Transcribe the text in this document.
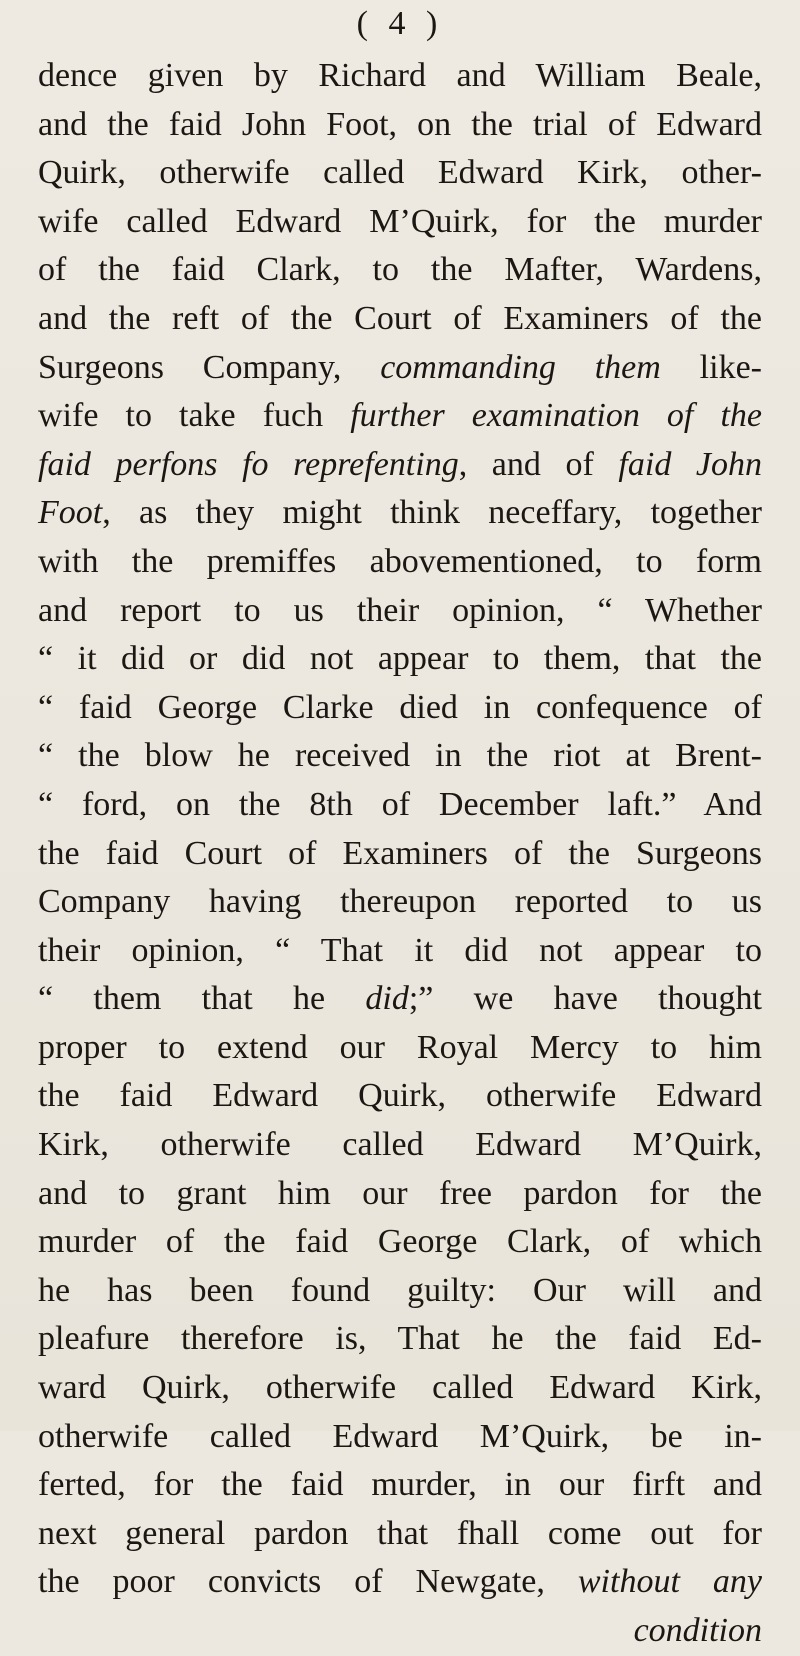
( 4 )
dence given by Richard and William Beale,
and the faid John Foot, on the trial of Edward
Quirk, otherwife called Edward Kirk, other-
wife called Edward M’Quirk, for the murder
of the faid Clark, to the Mafter, Wardens,
and the reft of the Court of Examiners of the
Surgeons Company, commanding them like-
wife to take fuch further examination of the
faid perfons fo reprefenting, and of faid John
Foot, as they might think neceffary, together
with the premiffes abovementioned, to form
and report to us their opinion, “ Whether
“ it did or did not appear to them, that the
“ faid George Clarke died in confequence of
“ the blow he received in the riot at Brent-
“ ford, on the 8th of December laft.” And
the faid Court of Examiners of the Surgeons
Company having thereupon reported to us
their opinion, “ That it did not appear to
“ them that he did;” we have thought
proper to extend our Royal Mercy to him
the faid Edward Quirk, otherwife Edward
Kirk, otherwife called Edward M’Quirk,
and to grant him our free pardon for the
murder of the faid George Clark, of which
he has been found guilty: Our will and
pleafure therefore is, That he the faid Ed-
ward Quirk, otherwife called Edward Kirk,
otherwife called Edward M’Quirk, be in-
ferted, for the faid murder, in our firft and
next general pardon that fhall come out for
the poor convicts of Newgate, without any
condition
